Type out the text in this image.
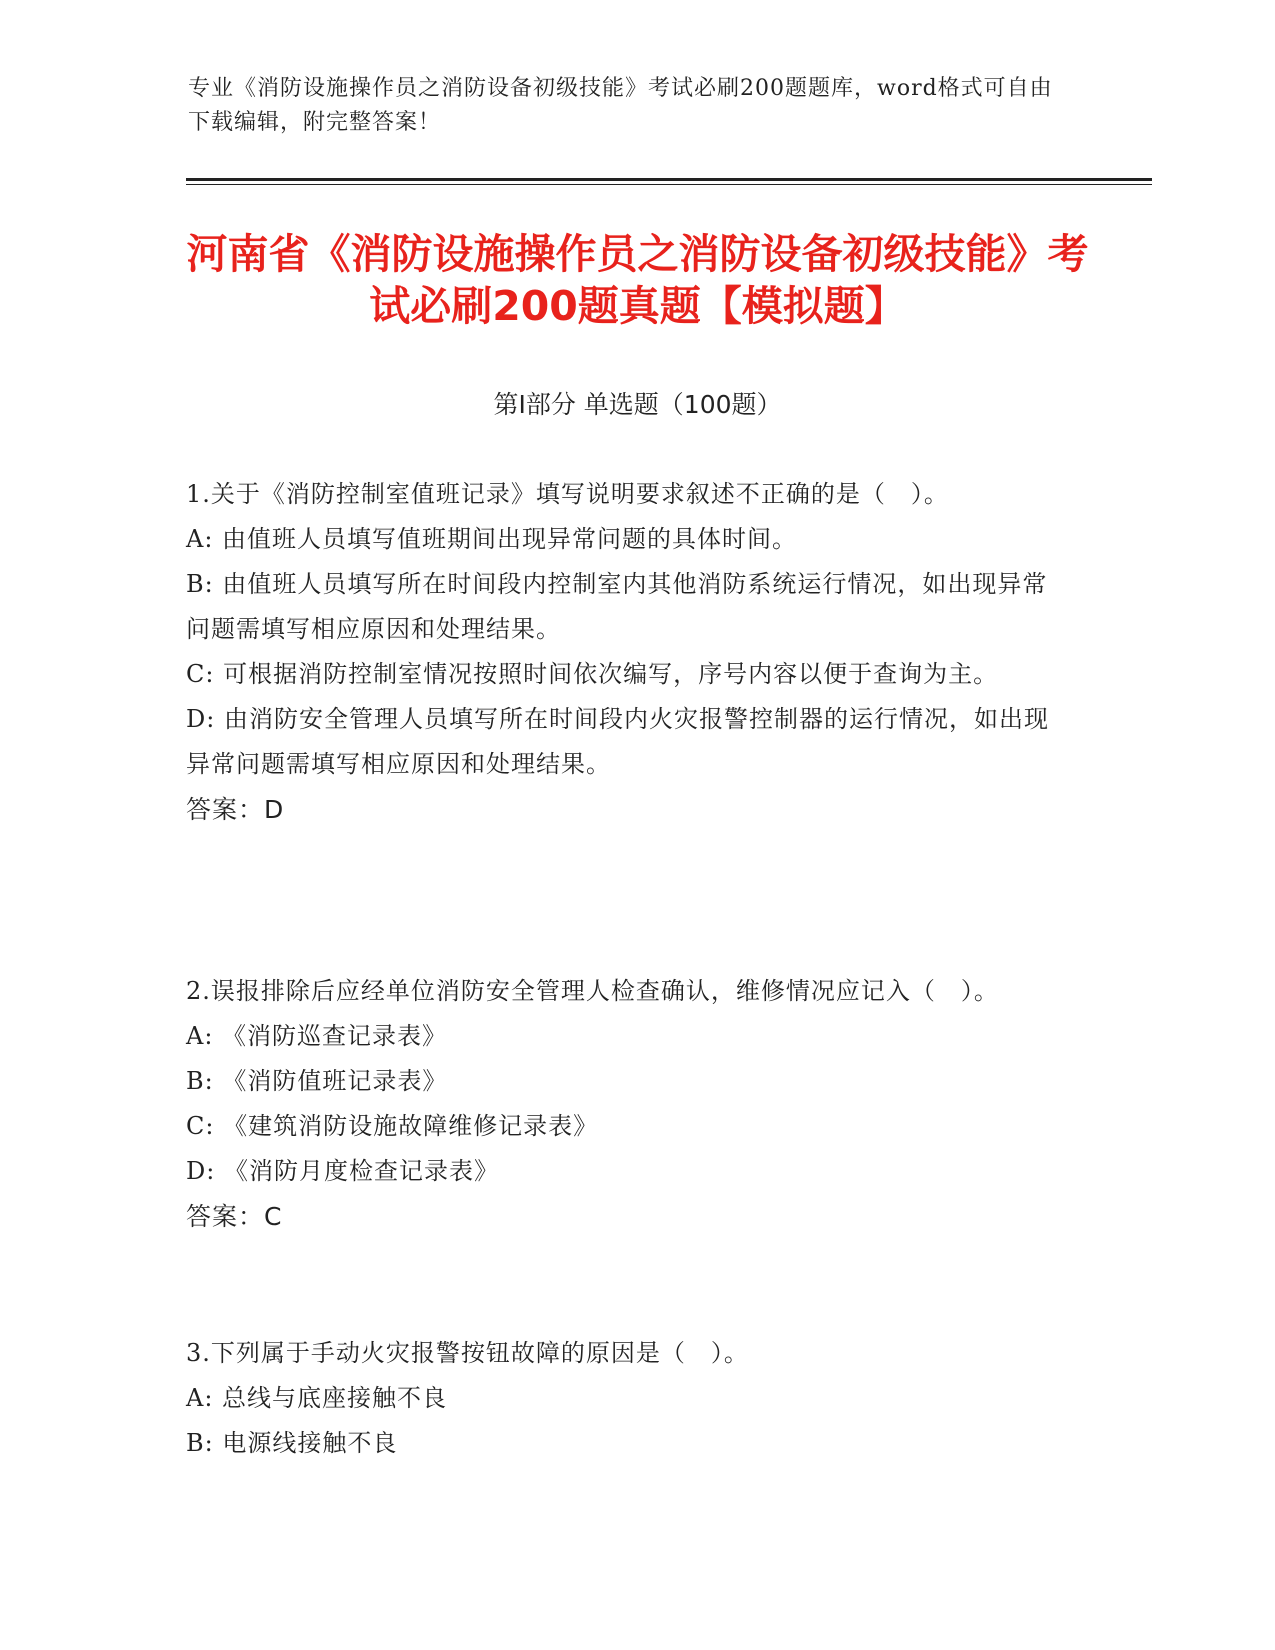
专业《消防设施操作员之消防设备初级技能》考试必刷200题题库，word格式可自由下载编辑，附完整答案！
河南省《消防设施操作员之消防设备初级技能》考试必刷200题真题【模拟题】
第Ⅰ部分 单选题（100题）

1.关于《消防控制室值班记录》填写说明要求叙述不正确的是（　）。

A: 由值班人员填写值班期间出现异常问题的具体时间。

B: 由值班人员填写所在时间段内控制室内其他消防系统运行情况，如出现异常问题需填写相应原因和处理结果。

C: 可根据消防控制室情况按照时间依次编写，序号内容以便于查询为主。

D: 由消防安全管理人员填写所在时间段内火灾报警控制器的运行情况，如出现异常问题需填写相应原因和处理结果。

答案：D

2.误报排除后应经单位消防安全管理人检查确认，维修情况应记入（　）。

A: 《消防巡查记录表》

B: 《消防值班记录表》

C: 《建筑消防设施故障维修记录表》

D: 《消防月度检查记录表》

答案：C

3.下列属于手动火灾报警按钮故障的原因是（　）。

A: 总线与底座接触不良

B: 电源线接触不良
